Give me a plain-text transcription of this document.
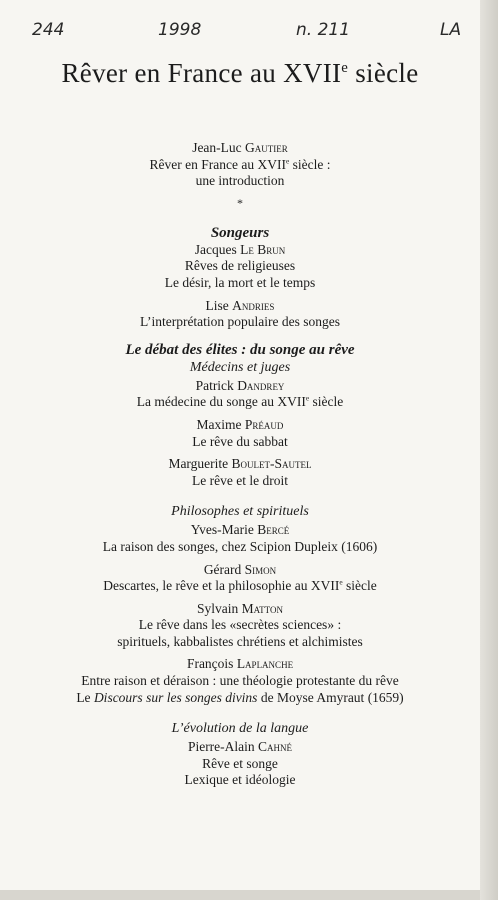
244	1998	n. 211	LA
Rêver en France au XVIIe siècle
Jean-Luc Gautier
Rêver en France au XVIIe siècle :
une introduction
*
Songeurs
Jacques Le Brun
Rêves de religieuses
Le désir, la mort et le temps
Lise Andries
L’interprétation populaire des songes
Le débat des élites : du songe au rêve
Médecins et juges
Patrick Dandrey
La médecine du songe au XVIIe siècle
Maxime Préaud
Le rêve du sabbat
Marguerite Boulet-Sautel
Le rêve et le droit
Philosophes et spirituels
Yves-Marie Bercé
La raison des songes, chez Scipion Dupleix (1606)
Gérard Simon
Descartes, le rêve et la philosophie au XVIIe siècle
Sylvain Matton
Le rêve dans les «secrètes sciences» :
spirituels, kabbalistes chrétiens et alchimistes
François Laplanche
Entre raison et déraison : une théologie protestante du rêve
Le Discours sur les songes divins de Moyse Amyraut (1659)
L’évolution de la langue
Pierre-Alain Cahné
Rêve et songe
Lexique et idéologie
